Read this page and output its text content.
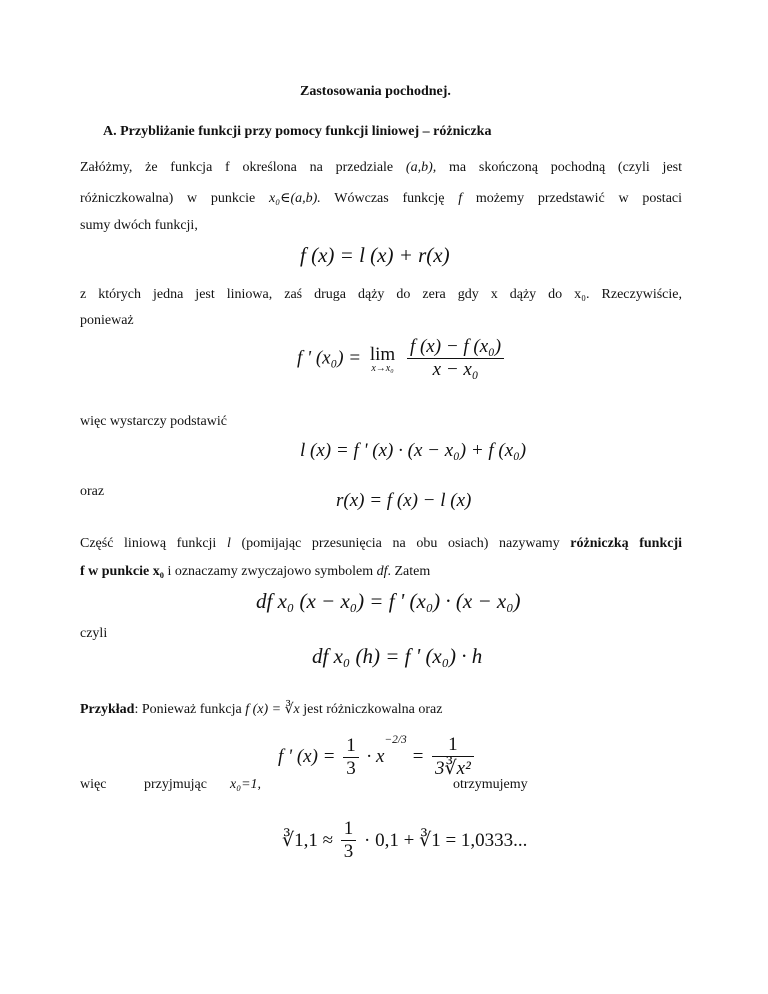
Zastosowania pochodnej.
A. Przybliżanie funkcji przy pomocy funkcji liniowej – różniczka
Załóżmy, że funkcja f określona na przedziale (a,b), ma skończoną pochodną (czyli jest
różniczkowalna) w punkcie x₀∈(a,b). Wówczas funkcję f możemy przedstawić w postaci
sumy dwóch funkcji,
f (x) = l (x) + r(x)
z których jedna jest liniowa, zaś druga dąży do zera gdy x dąży do x₀. Rzeczywiście,
ponieważ
f ' (x₀) = lim
x→x₀
$\frac{\text{f (x) − f (x₀)}}{\text{x − x₀}}$
więc wystarczy podstawić
l (x) = f ' (x) · (x − x₀) + f (x₀)
oraz	r(x) = f (x) − l (x)
Część liniową funkcji l (pomijając przesunięcia na obu osiach) nazywamy różniczką funkcji
f w punkcie x₀ i oznaczamy zwyczajowo symbolem df. Zatem
df x₀ (x − x₀) = f ' (x₀) · (x − x₀)
czyli
df x₀ (h) = f ' (x₀) · h
Przykład: Ponieważ funkcja f (x) = ∛x jest różniczkowalna oraz
f ' $(x) = \frac{1}{3} \cdot x^{-2/3} = \frac{1}{\text{3∛x²}}$
więc	przyjmując x₀=1,	otrzymujemy
∛1,1 ≈ $\frac{1}{3} \cdot 0,1$ + ∛1 = 1,0333...
